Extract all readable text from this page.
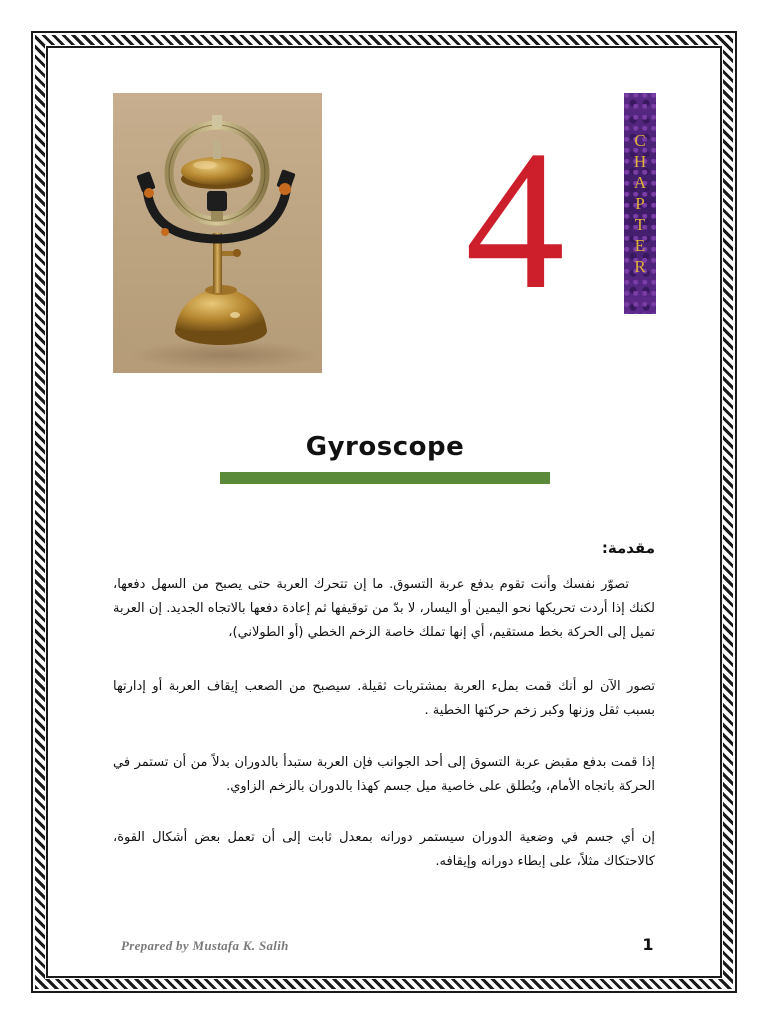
4	C
H
A
P
T
E
R
Gyroscope
مقدمة:
تصوّر نفسك وأنت تقوم بدفع عربة التسوق. ما إن تتحرك العربة حتى يصبح من السهل دفعها، لكنك إذا أردت تحريكها نحو اليمين أو اليسار، لا بدّ من توقيفها ثم إعادة دفعها بالاتجاه الجديد. إن العربة تميل إلى الحركة بخط مستقيم، أي إنها تملك خاصة الزخم الخطي (أو الطولاني)،
تصور الآن لو أنك قمت بملء العربة بمشتريات ثقيلة. سيصبح من الصعب إيقاف العربة أو إدارتها بسبب ثقل وزنها وكبر زخم حركتها الخطية .
إذا قمت بدفع مقبض عربة التسوق إلى أحد الجوانب فإن العربة ستبدأ بالدوران بدلاً من أن تستمر في الحركة باتجاه الأمام، ويُطلق على خاصية ميل جسم كهذا بالدوران بالزخم الزاوي.
إن أي جسم في وضعية الدوران سيستمر دورانه بمعدل ثابت إلى أن تعمل بعض أشكال القوة، كالاحتكاك مثلاً، على إبطاء دورانه وإيقافه.
Prepared by Mustafa K. Salih	1
